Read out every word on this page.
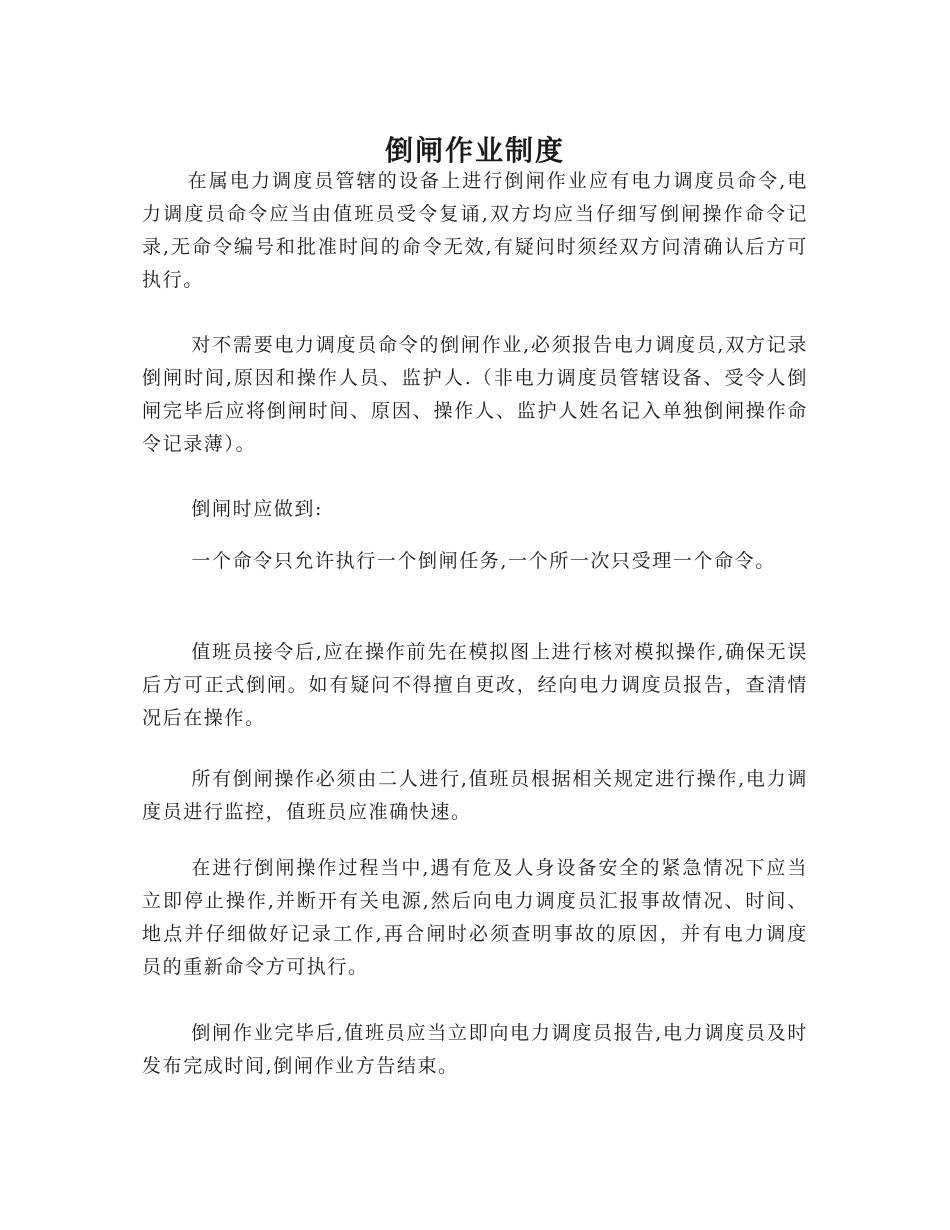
倒闸作业制度

在属电力调度员管辖的设备上进行倒闸作业应有电力调度员命令,电力调度员命令应当由值班员受令复诵,双方均应当仔细写倒闸操作命令记录,无命令编号和批准时间的命令无效,有疑问时须经双方问清确认后方可执行。

对不需要电力调度员命令的倒闸作业,必须报告电力调度员,双方记录倒闸时间,原因和操作人员、监护人.（非电力调度员管辖设备、受令人倒闸完毕后应将倒闸时间、原因、操作人、监护人姓名记入单独倒闸操作命令记录薄）。

倒闸时应做到:

一个命令只允许执行一个倒闸任务,一个所一次只受理一个命令。

值班员接令后,应在操作前先在模拟图上进行核对模拟操作,确保无误后方可正式倒闸。如有疑问不得擅自更改，经向电力调度员报告，查清情况后在操作。

所有倒闸操作必须由二人进行,值班员根据相关规定进行操作,电力调度员进行监控，值班员应准确快速。

在进行倒闸操作过程当中,遇有危及人身设备安全的紧急情况下应当立即停止操作,并断开有关电源,然后向电力调度员汇报事故情况、时间、地点并仔细做好记录工作,再合闸时必须查明事故的原因，并有电力调度员的重新命令方可执行。

倒闸作业完毕后,值班员应当立即向电力调度员报告,电力调度员及时发布完成时间,倒闸作业方告结束。
